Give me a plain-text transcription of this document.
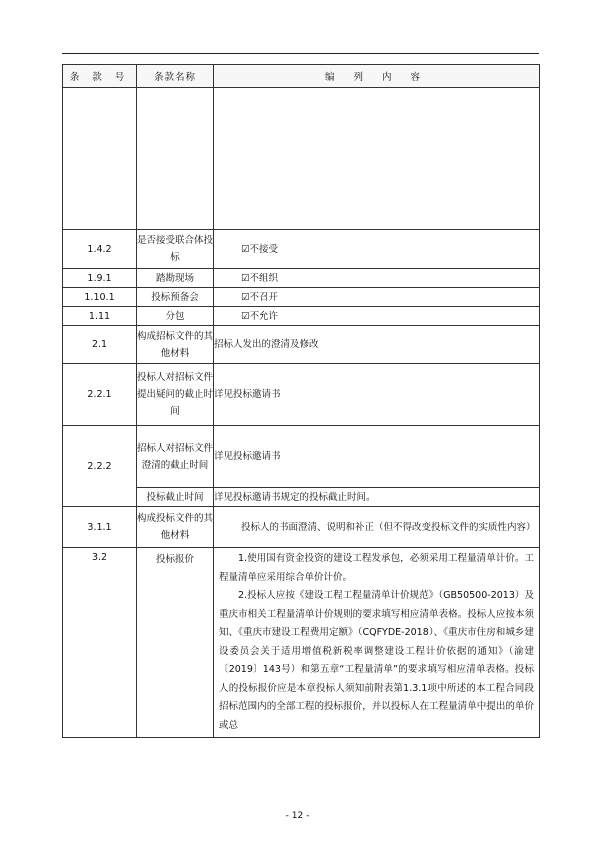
条 款 号	条款名称	编 列 内 容

1.4.2	是否接受联合体投标	☑不接受
1.9.1	踏勘现场	☑不组织
1.10.1	投标预备会	☑不召开
1.11	分包	☑不允许
2.1	构成招标文件的其他材料	招标人发出的澄清及修改
2.2.1	投标人对招标文件提出疑问的截止时间	详见投标邀请书
2.2.2	招标人对招标文件澄清的截止时间	详见投标邀请书
	投标截止时间	详见投标邀请书规定的投标截止时间。
3.1.1	构成投标文件的其他材料	投标人的书面澄清、说明和补正（但不得改变投标文件的实质性内容）
3.2	投标报价	1.使用国有资金投资的建设工程发承包，必须采用工程量清单计价。工程量清单应采用综合单价计价。

2.投标人应按《建设工程工程量清单计价规范》（GB50500-2013）及重庆市相关工程量清单计价规则的要求填写相应清单表格。投标人应按本须知、《重庆市建设工程费用定额》（CQFYDE-2018）、《重庆市住房和城乡建设委员会关于适用增值税新税率调整建设工程计价依据的通知》（渝建〔2019〕143号）和第五章“工程量清单”的要求填写相应清单表格。投标人的投标报价应是本章投标人须知前附表第1.3.1项中所述的本工程合同段招标范围内的全部工程的投标报价，并以投标人在工程量清单中提出的单价或总

- 12 -
